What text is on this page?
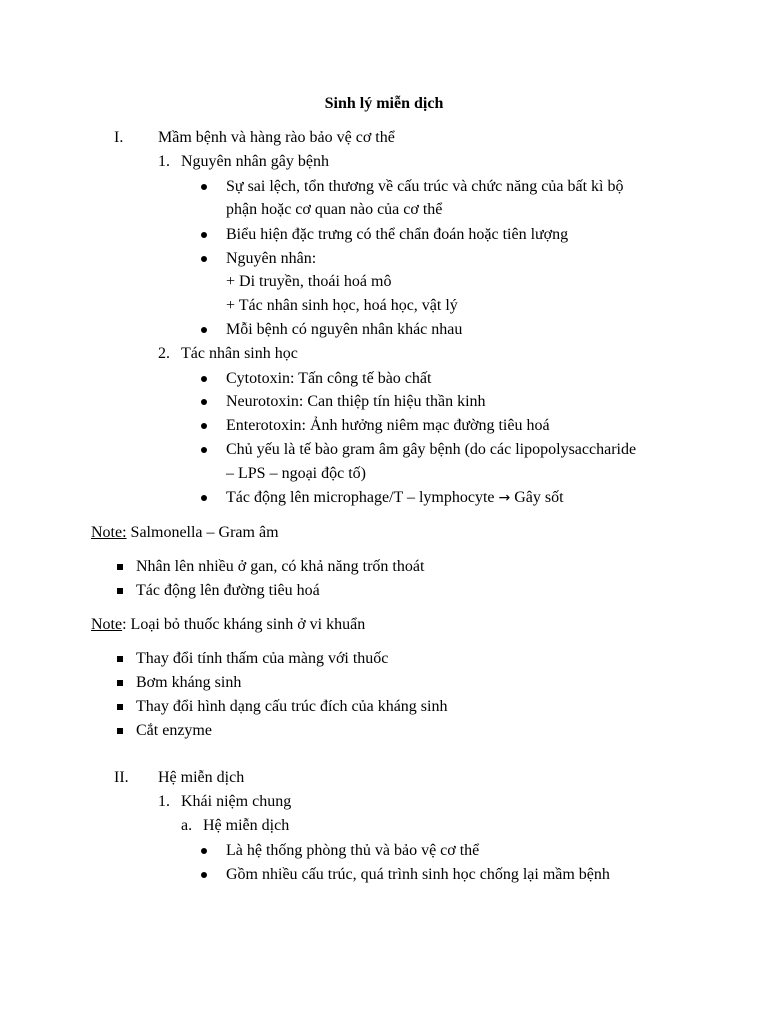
Sinh lý miễn dịch
I. Mầm bệnh và hàng rào bảo vệ cơ thể
1. Nguyên nhân gây bệnh
Sự sai lệch, tổn thương về cấu trúc và chức năng của bất kì bộ
phận hoặc cơ quan nào của cơ thể
Biểu hiện đặc trưng có thể chẩn đoán hoặc tiên lượng
Nguyên nhân:
+ Di truyền, thoái hoá mô
+ Tác nhân sinh học, hoá học, vật lý
Mỗi bệnh có nguyên nhân khác nhau
2. Tác nhân sinh học
Cytotoxin: Tấn công tế bào chất
Neurotoxin: Can thiệp tín hiệu thần kinh
Enterotoxin: Ảnh hưởng niêm mạc đường tiêu hoá
Chủ yếu là tế bào gram âm gây bệnh (do các lipopolysaccharide
– LPS – ngoại độc tố)
Tác động lên microphage/T – lymphocyte → Gây sốt
Note: Salmonella – Gram âm
Nhân lên nhiều ở gan, có khả năng trốn thoát
Tác động lên đường tiêu hoá
Note: Loại bỏ thuốc kháng sinh ở vi khuẩn
Thay đổi tính thấm của màng với thuốc
Bơm kháng sinh
Thay đổi hình dạng cấu trúc đích của kháng sinh
Cắt enzyme
II. Hệ miễn dịch
1. Khái niệm chung
a. Hệ miễn dịch
Là hệ thống phòng thủ và bảo vệ cơ thể
Gồm nhiều cấu trúc, quá trình sinh học chống lại mầm bệnh
